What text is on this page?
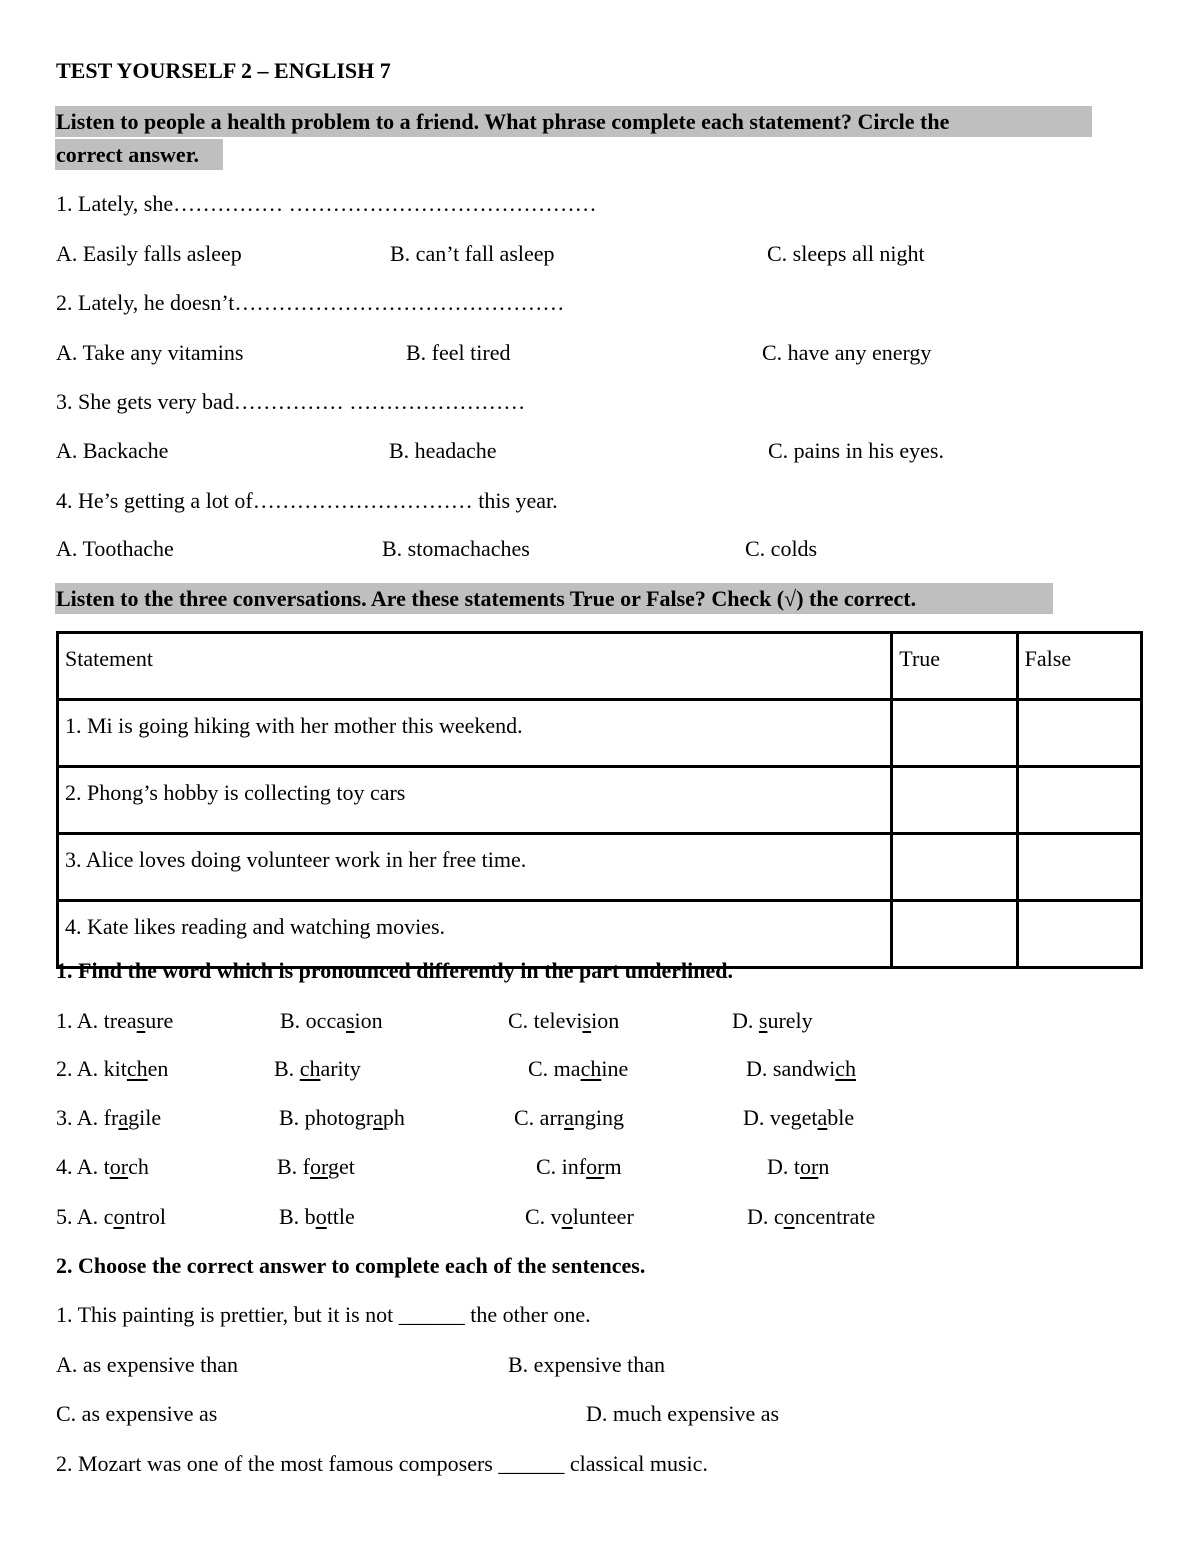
TEST YOURSELF 2 – ENGLISH 7
Listen to people a health problem to a friend. What phrase complete each statement? Circle the
correct answer.
1. Lately, she…………… ……………………………………
A. Easily falls asleep	B. can’t fall asleep	C. sleeps all night
2. Lately, he doesn’t………………………………………
A. Take any vitamins	B. feel tired	C. have any energy
3. She gets very bad…………… ……………………
A. Backache	B. headache	C. pains in his eyes.
4. He’s getting a lot of………………………… this year.
A. Toothache	B. stomachaches	C. colds
Listen to the three conversations. Are these statements True or False? Check (√) the correct.
Statement	True	False
1. Mi is going hiking with her mother this weekend.		
2. Phong’s hobby is collecting toy cars		
3. Alice loves doing volunteer work in her free time.		
4. Kate likes reading and watching movies.		
1. Find the word which is pronounced differently in the part underlined.
1. A. treasure	B. occasion	C. television	D. surely
2. A. kitchen	B. charity	C. machine	D. sandwich
3. A. fragile	B. photograph	C. arranging	D. vegetable
4. A. torch	B. forget	C. inform	D. torn
5. A. control	B. bottle	C. volunteer	D. concentrate
2. Choose the correct answer to complete each of the sentences.
1. This painting is prettier, but it is not ______ the other one.
A. as expensive than	B. expensive than
C. as expensive as	D. much expensive as
2. Mozart was one of the most famous composers ______ classical music.
